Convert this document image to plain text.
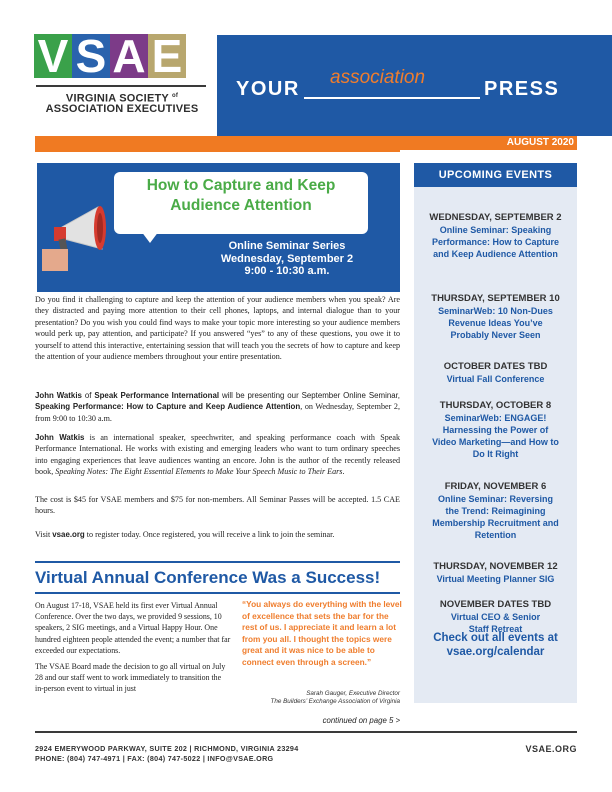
V S A E
VIRGINIA SOCIETY $^{of}$
ASSOCIATION EXECUTIVES
YOUR
association
PRESS
AUGUST 2020
How to Capture and Keep Audience Attention
Online Seminar Series
Wednesday, September 2
9:00 - 10:30 a.m.
Do you find it challenging to capture and keep the attention of your audience members when you speak? Are they distracted and paying more attention to their cell phones, laptops, and internal dialogue than to your presentation? Do you wish you could find ways to make your topic more interesting so your audience members would perk up, pay attention, and participate? If you answered “yes” to any of these questions, you owe it to yourself to attend this interactive, entertaining session that will teach you the secrets of how to capture and keep the attention of your audience members throughout your entire presentation.
John Watkis of Speak Performance International will be presenting our September Online Seminar, Speaking Performance: How to Capture and Keep Audience Attention, on Wednesday, September 2, from 9:00 to 10:30 a.m.
John Watkis is an international speaker, speechwriter, and speaking performance coach with Speak Performance International. He works with existing and emerging leaders who want to turn ordinary speeches into engaging experiences that leave audiences wanting an encore. John is the author of the recently released book, Speaking Notes: The Eight Essential Elements to Make Your Speech Music to Their Ears.
The cost is $45 for VSAE members and $75 for non-members. All Seminar Passes will be accepted. 1.5 CAE hours.
Visit vsae.org to register today. Once registered, you will receive a link to join the seminar.
Virtual Annual Conference Was a Success!

On August 17-18, VSAE held its first ever Virtual Annual Conference. Over the two days, we provided 9 sessions, 10 speakers, 2 SIG meetings, and a Virtual Happy Hour. One hundred eighteen people attended the event; a number that far exceeded our expectations.

The VSAE Board made the decision to go all virtual on July 28 and our staff went to work immediately to transition the in-person event to virtual in just

“You always do everything with the level of excellence that sets the bar for the rest of us. I appreciate it and learn a lot from you all. I thought the topics were great and it was nice to be able to connect even through a screen.”
Sarah Gauger, Executive Director
The Builders’ Exchange Association of Virginia
continued on page 5 >
UPCOMING EVENTS
WEDNESDAY, SEPTEMBER 2
Online Seminar: Speaking Performance: How to Capture and Keep Audience Attention
THURSDAY, SEPTEMBER 10
SeminarWeb: 10 Non-Dues Revenue Ideas You’ve Probably Never Seen
OCTOBER DATES TBD
Virtual Fall Conference
THURSDAY, OCTOBER 8
SeminarWeb: ENGAGE! Harnessing the Power of Video Marketing—and How to Do It Right
FRIDAY, NOVEMBER 6
Online Seminar: Reversing the Trend: Reimagining Membership Recruitment and Retention
THURSDAY, NOVEMBER 12
Virtual Meeting Planner SIG
NOVEMBER DATES TBD
Virtual CEO & Senior Staff Retreat
Check out all events at
vsae.org/calendar
2924 EMERYWOOD PARKWAY, SUITE 202 | RICHMOND, VIRGINIA 23294
PHONE: (804) 747-4971 | FAX: (804) 747-5022 | INFO@VSAE.ORG
VSAE.ORG
